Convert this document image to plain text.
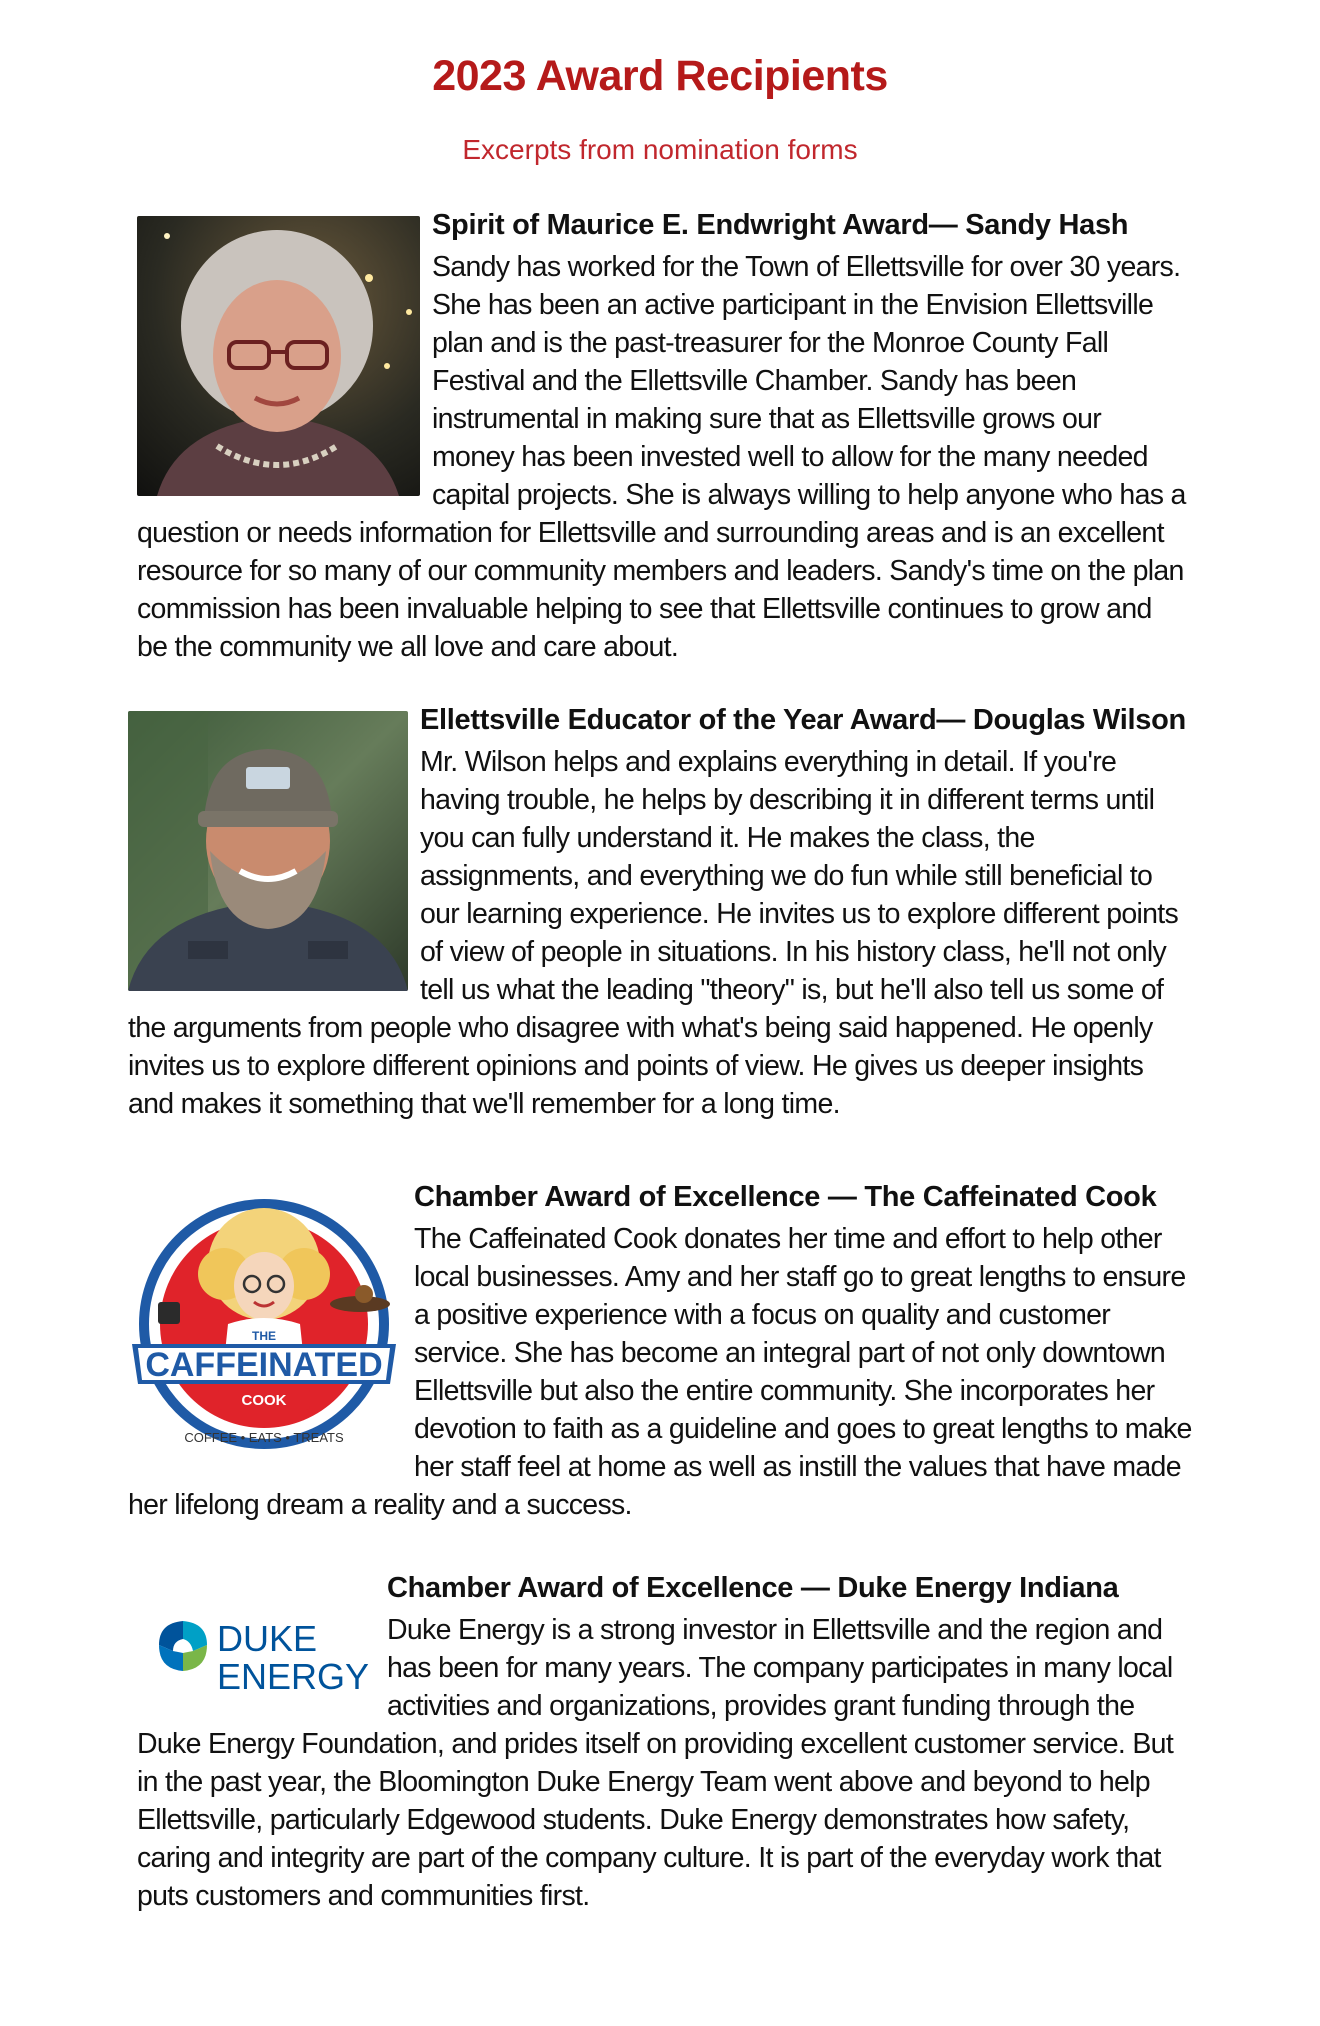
2023 Award Recipients
Excerpts from nomination forms
Spirit of Maurice E. Endwright Award— Sandy Hash
Sandy has worked for the Town of Ellettsville for over 30 years. She has been an active participant in the Envision Ellettsville plan and is the past-treasurer for the Monroe County Fall Festival and the Ellettsville Chamber. Sandy has been instrumental in making sure that as Ellettsville grows our money has been invested well to allow for the many needed capital projects. She is always willing to help anyone who has a question or needs information for Ellettsville and surrounding areas and is an excellent resource for so many of our community members and leaders. Sandy's time on the plan commission has been invaluable helping to see that Ellettsville continues to grow and be the community we all love and care about.
Ellettsville Educator of the Year Award— Douglas Wilson
Mr. Wilson helps and explains everything in detail. If you're having trouble, he helps by describing it in different terms until you can fully understand it. He makes the class, the assignments, and everything we do fun while still beneficial to our learning experience. He invites us to explore different points of view of people in situations. In his history class, he'll not only tell us what the leading "theory" is, but he'll also tell us some of the arguments from people who disagree with what's being said happened. He openly invites us to explore different opinions and points of view. He gives us deeper insights and makes it something that we'll remember for a long time.
THE
CAFFEINATED
COOK
COFFEE • EATS • TREATS
Chamber Award of Excellence — The Caffeinated Cook
The Caffeinated Cook donates her time and effort to help other local businesses. Amy and her staff go to great lengths to ensure a positive experience with a focus on quality and customer service. She has become an integral part of not only downtown Ellettsville but also the entire community. She incorporates her devotion to faith as a guideline and goes to great lengths to make her staff feel at home as well as instill the values that have made her lifelong dream a reality and a success.
DUKE
ENERGY
Chamber Award of Excellence — Duke Energy Indiana
Duke Energy is a strong investor in Ellettsville and the region and has been for many years. The company participates in many local activities and organizations, provides grant funding through the Duke Energy Foundation, and prides itself on providing excellent customer service. But in the past year, the Bloomington Duke Energy Team went above and beyond to help Ellettsville, particularly Edgewood students. Duke Energy demonstrates how safety, caring and integrity are part of the company culture. It is part of the everyday work that puts customers and communities first.
